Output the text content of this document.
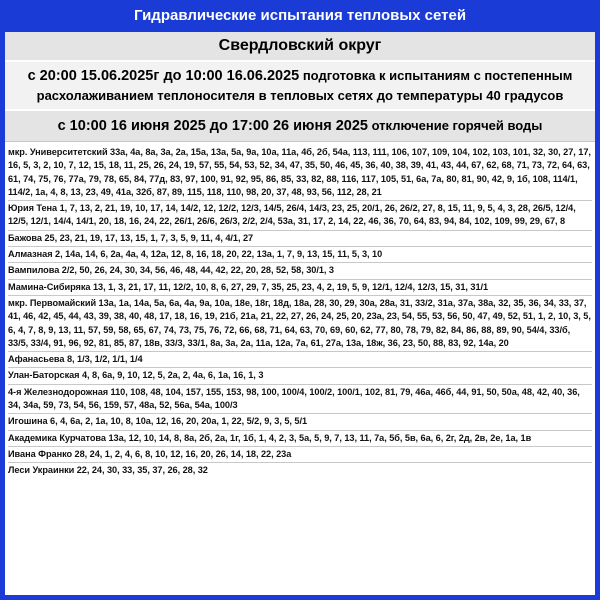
Гидравлические испытания тепловых сетей
Свердловский округ
с 20:00 15.06.2025г до 10:00 16.06.2025 подготовка к испытаниям с постепенным
расхолаживанием теплоносителя в тепловых сетях до температуры 40 градусов
с 10:00 16 июня 2025 до 17:00 26 июня 2025 отключение горячей воды
мкр. Университетский 33а, 4а, 8а, 3а, 2а, 15а, 13а, 5а, 9а, 10а, 11а, 4б, 2б, 54а, 113, 111, 106, 107, 109, 104, 102, 103, 101, 32, 30, 27, 17, 16, 5, 3, 2, 10, 7, 12, 15, 18, 11, 25, 26, 24, 19, 57, 55, 54, 53, 52, 34, 47, 35, 50, 46, 45, 36, 40, 38, 39, 41, 43, 44, 67, 62, 68, 71, 73, 72, 64, 63, 61, 74, 75, 76, 77а, 79, 78, 65, 84, 77д, 83, 97, 100, 91, 92, 95, 86, 85, 33, 82, 88, 116, 117, 105, 51, 6а, 7а, 80, 81, 90, 42, 9, 1б, 108, 114/1, 114/2, 1а, 4, 8, 13, 23, 49, 41а, 32б, 87, 89, 115, 118, 110, 98, 20, 37, 48, 93, 56, 112, 28, 21
Юрия Тена 1, 7, 13, 2, 21, 19, 10, 17, 14, 14/2, 12, 12/2, 12/3, 14/5, 26/4, 14/3, 23, 25, 20/1, 26, 26/2, 27, 8, 15, 11, 9, 5, 4, 3, 28, 26/5, 12/4, 12/5, 12/1, 14/4, 14/1, 20, 18, 16, 24, 22, 26/1, 26/6, 26/3, 2/2, 2/4, 53а, 31, 17, 2, 14, 22, 46, 36, 70, 64, 83, 94, 84, 102, 109, 99, 29, 67, 8
Бажова 25, 23, 21, 19, 17, 13, 15, 1, 7, 3, 5, 9, 11, 4, 4/1, 27
Алмазная 2, 14а, 14, 6, 2а, 4а, 4, 12а, 12, 8, 16, 18, 20, 22, 13а, 1, 7, 9, 13, 15, 11, 5, 3, 10
Вампилова 2/2, 50, 26, 24, 30, 34, 56, 46, 48, 44, 42, 22, 20, 28, 52, 58, 30/1, 3
Мамина-Сибиряка 13, 1, 3, 21, 17, 11, 12/2, 10, 8, 6, 27, 29, 7, 35, 25, 23, 4, 2, 19, 5, 9, 12/1, 12/4, 12/3, 15, 31, 31/1
мкр. Первомайский 13а, 1а, 14а, 5а, 6а, 4а, 9а, 10а, 18е, 18г, 18д, 18а, 28, 30, 29, 30а, 28а, 31, 33/2, 31а, 37а, 38а, 32, 35, 36, 34, 33, 37, 41, 46, 42, 45, 44, 43, 39, 38, 40, 48, 17, 18, 16, 19, 21б, 21а, 21, 22, 27, 26, 24, 25, 20, 23а, 23, 54, 55, 53, 56, 50, 47, 49, 52, 51, 1, 2, 10, 3, 5, 6, 4, 7, 8, 9, 13, 11, 57, 59, 58, 65, 67, 74, 73, 75, 76, 72, 66, 68, 71, 64, 63, 70, 69, 60, 62, 77, 80, 78, 79, 82, 84, 86, 88, 89, 90, 54/4, 33/б, 33/5, 33/4, 91, 96, 92, 81, 85, 87, 18в, 33/3, 33/1, 8а, 3а, 2а, 11а, 12а, 7а, 61, 27а, 13а, 18ж, 36, 23, 50, 88, 83, 92, 14а, 20
Афанасьева 8, 1/3, 1/2, 1/1, 1/4
Улан-Баторская 4, 8, 6а, 9, 10, 12, 5, 2а, 2, 4а, 6, 1а, 16, 1, 3
4-я Железнодорожная 110, 108, 48, 104, 157, 155, 153, 98, 100, 100/4, 100/2, 100/1, 102, 81, 79, 46а, 46б, 44, 91, 50, 50а, 48, 42, 40, 36, 34, 34а, 59, 73, 54, 56, 159, 57, 48а, 52, 56а, 54а, 100/3
Игошина 6, 4, 6а, 2, 1а, 10, 8, 10а, 12, 16, 20, 20а, 1, 22, 5/2, 9, 3, 5, 5/1
Академика Курчатова 13а, 12, 10, 14, 8, 8а, 2б, 2а, 1г, 1б, 1, 4, 2, 3, 5а, 5, 9, 7, 13, 11, 7а, 5б, 5в, 6а, 6, 2г, 2д, 2в, 2е, 1а, 1в
Ивана Франко 28, 24, 1, 2, 4, 6, 8, 10, 12, 16, 20, 26, 14, 18, 22, 23а
Леси Украинки 22, 24, 30, 33, 35, 37, 26, 28, 32
